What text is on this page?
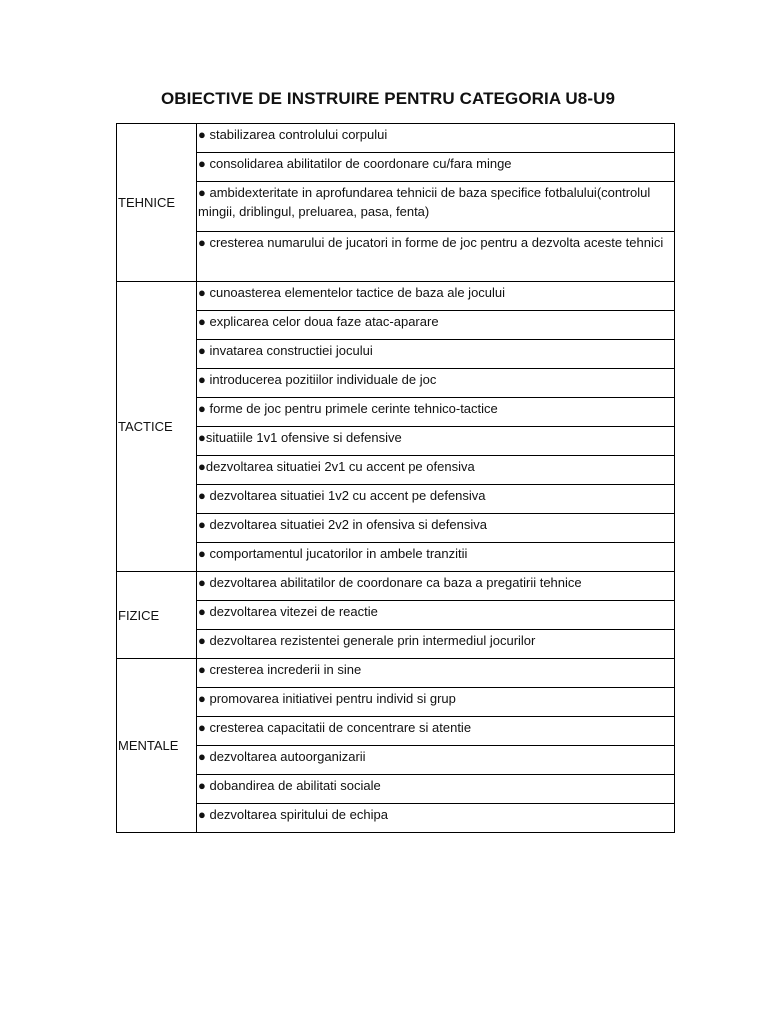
OBIECTIVE DE INSTRUIRE PENTRU CATEGORIA U8-U9
TEHNICE	● stabilizarea controlului corpului
	● consolidarea abilitatilor de coordonare cu/fara minge
	● ambidexteritate in aprofundarea tehnicii de baza specifice fotbalului(controlul mingii, driblingul, preluarea, pasa, fenta)
	● cresterea numarului de jucatori in forme de joc pentru a dezvolta aceste tehnici
TACTICE	● cunoasterea elementelor tactice de baza ale jocului
	● explicarea celor doua faze atac-aparare
	● invatarea constructiei jocului
	● introducerea pozitiilor individuale de joc
	● forme de joc pentru primele cerinte tehnico-tactice
	●situatiile 1v1 ofensive si defensive
	●dezvoltarea situatiei 2v1 cu accent pe ofensiva
	● dezvoltarea situatiei 1v2 cu accent pe defensiva
	● dezvoltarea situatiei 2v2 in ofensiva si defensiva
	● comportamentul jucatorilor in ambele tranzitii
FIZICE	● dezvoltarea abilitatilor de coordonare ca baza a pregatirii tehnice
	● dezvoltarea vitezei de reactie
	● dezvoltarea rezistentei generale prin intermediul jocurilor
MENTALE	● cresterea increderii in sine
	● promovarea initiativei pentru individ si grup
	● cresterea capacitatii de concentrare si atentie
	● dezvoltarea autoorganizarii
	● dobandirea de abilitati sociale
	● dezvoltarea spiritului de echipa
